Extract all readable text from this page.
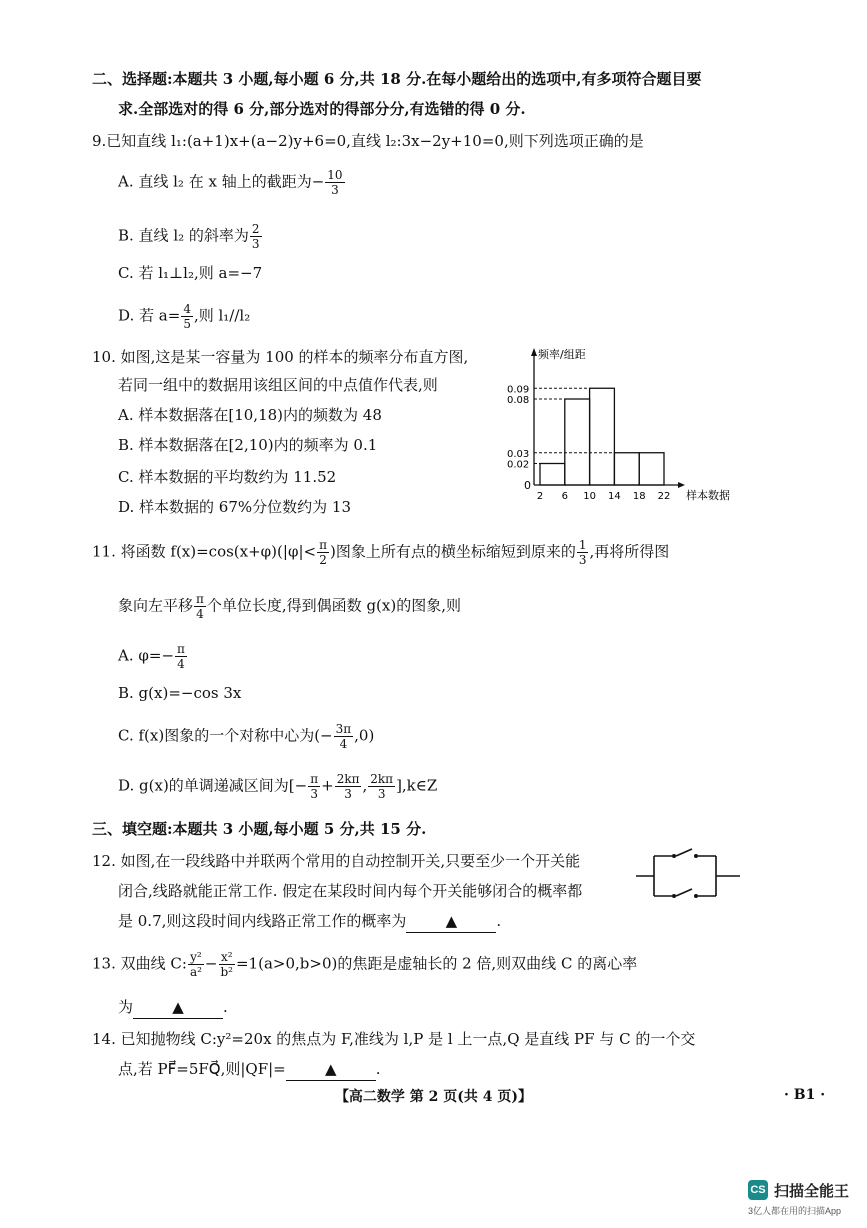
二、选择题:本题共 3 小题,每小题 6 分,共 18 分.在每小题给出的选项中,有多项符合题目要
求.全部选对的得 6 分,部分选对的得部分分,有选错的得 0 分.
9.已知直线 l₁:(a+1)x+(a−2)y+6=0,直线 l₂:3x−2y+10=0,则下列选项正确的是
A. 直线 l₂ 在 x 轴上的截距为− $\frac{10}{3}$
B. 直线 l₂ 的斜率为 $\frac{2}{3}$
C. 若 l₁⊥l₂,则 a=−7
D. 若 $a= \frac{4}{5}$ ,则 l₁//l₂
10. 如图,这是某一容量为 100 的样本的频率分布直方图,
若同一组中的数据用该组区间的中点值作代表,则
A. 样本数据落在[10,18)内的频数为 48
B. 样本数据落在[2,10)内的频率为 0.1
C. 样本数据的平均数约为 11.52
D. 样本数据的 67%分位数约为 13
频率/组距
样本数据
0
0.09
0.08
0.03
0.02
2 6 10 14 18 22
11. 将函数 $f(x)=\cos(x+\varphi)(|\varphi|< \frac{\pi}{2}$ )图象上所有点的横坐标缩短到原来的 $\frac{1}{3}$ ,再将所得图
象向左平移 $\frac{\pi}{4}$ 个单位长度,得到偶函数 g(x)的图象,则
A. $\varphi=- \frac{\pi}{4}$
B. g(x)=−cos 3x
C. f(x)图象的一个对称中心为(− $\frac{3\pi}{4} ,0$)
D. g(x)的单调递减区间为[− $\frac{\pi}{3} + \frac{2k\pi}{3}$ , $\frac{2k\pi}{3}$ ],k∈Z
三、填空题:本题共 3 小题,每小题 5 分,共 15 分.
12. 如图,在一段线路中并联两个常用的自动控制开关,只要至少一个开关能
闭合,线路就能正常工作. 假定在某段时间内每个开关能够闭合的概率都
是 0.7,则这段时间内线路正常工作的概率为	▲	.
13. 双曲线 C: $\frac{\text{y²}}{\text{a²}} - \frac{\text{x²}}{\text{b²}} =1(a>0,b>0)$的焦距是虚轴长的 2 倍,则双曲线 C 的离心率
为	▲	.
14. 已知抛物线 C:y²=20x 的焦点为 F,准线为 l,P 是 l 上一点,Q 是直线 PF 与 C 的一个交
点,若 PF⃗=5FQ⃗,则|QF|=	▲	.
【高二数学 第 2 页(共 4 页)】	· B1 ·
CS 扫描全能王
3亿人都在用的扫描App
